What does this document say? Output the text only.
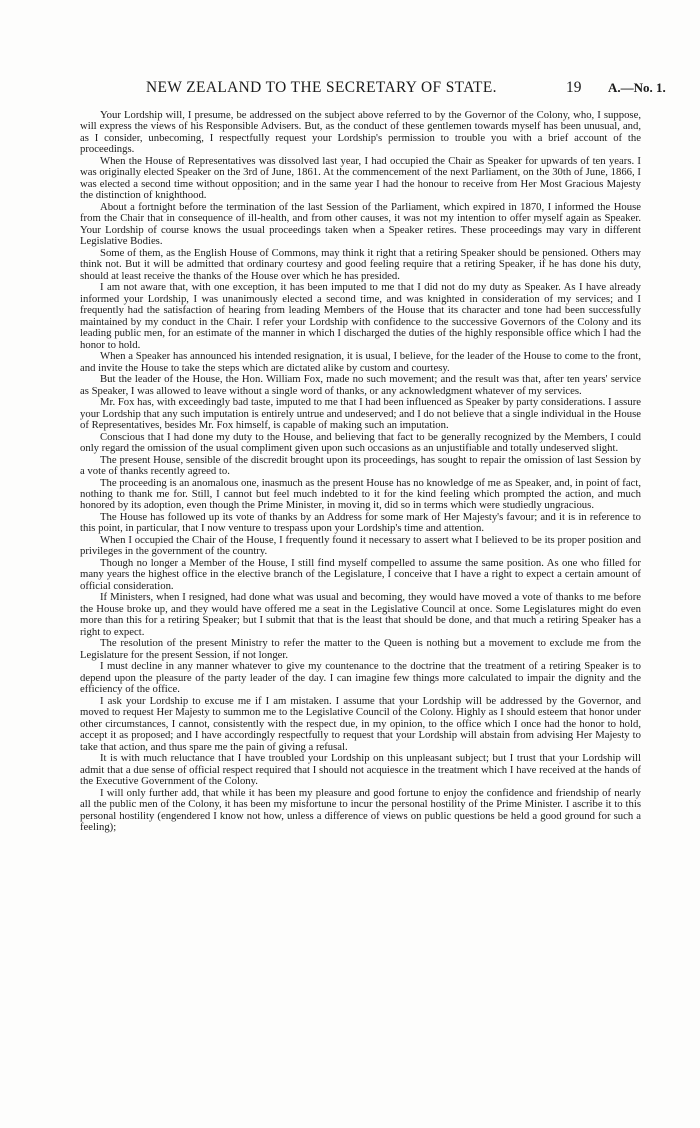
NEW ZEALAND TO THE SECRETARY OF STATE.	19 A.—No. 1.

Your Lordship will, I presume, be addressed on the subject above referred to by the Governor of the Colony, who, I suppose, will express the views of his Responsible Advisers. But, as the conduct of these gentlemen towards myself has been unusual, and, as I consider, unbecoming, I respectfully request your Lordship's permission to trouble you with a brief account of the proceedings.

When the House of Representatives was dissolved last year, I had occupied the Chair as Speaker for upwards of ten years. I was originally elected Speaker on the 3rd of June, 1861. At the commencement of the next Parliament, on the 30th of June, 1866, I was elected a second time without opposition; and in the same year I had the honour to receive from Her Most Gracious Majesty the distinction of knighthood.

About a fortnight before the termination of the last Session of the Parliament, which expired in 1870, I informed the House from the Chair that in consequence of ill-health, and from other causes, it was not my intention to offer myself again as Speaker. Your Lordship of course knows the usual proceedings taken when a Speaker retires. These proceedings may vary in different Legislative Bodies.

Some of them, as the English House of Commons, may think it right that a retiring Speaker should be pensioned. Others may think not. But it will be admitted that ordinary courtesy and good feeling require that a retiring Speaker, if he has done his duty, should at least receive the thanks of the House over which he has presided.

I am not aware that, with one exception, it has been imputed to me that I did not do my duty as Speaker. As I have already informed your Lordship, I was unanimously elected a second time, and was knighted in consideration of my services; and I frequently had the satisfaction of hearing from leading Members of the House that its character and tone had been successfully maintained by my conduct in the Chair. I refer your Lordship with confidence to the successive Governors of the Colony and its leading public men, for an estimate of the manner in which I discharged the duties of the highly responsible office which I had the honor to hold.

When a Speaker has announced his intended resignation, it is usual, I believe, for the leader of the House to come to the front, and invite the House to take the steps which are dictated alike by custom and courtesy.

But the leader of the House, the Hon. William Fox, made no such movement; and the result was that, after ten years' service as Speaker, I was allowed to leave without a single word of thanks, or any acknowledgment whatever of my services.

Mr. Fox has, with exceedingly bad taste, imputed to me that I had been influenced as Speaker by party considerations. I assure your Lordship that any such imputation is entirely untrue and undeserved; and I do not believe that a single individual in the House of Representatives, besides Mr. Fox himself, is capable of making such an imputation.

Conscious that I had done my duty to the House, and believing that fact to be generally recognized by the Members, I could only regard the omission of the usual compliment given upon such occasions as an unjustifiable and totally undeserved slight.

The present House, sensible of the discredit brought upon its proceedings, has sought to repair the omission of last Session by a vote of thanks recently agreed to.

The proceeding is an anomalous one, inasmuch as the present House has no knowledge of me as Speaker, and, in point of fact, nothing to thank me for. Still, I cannot but feel much indebted to it for the kind feeling which prompted the action, and much honored by its adoption, even though the Prime Minister, in moving it, did so in terms which were studiedly ungracious.

The House has followed up its vote of thanks by an Address for some mark of Her Majesty's favour; and it is in reference to this point, in particular, that I now venture to trespass upon your Lordship's time and attention.

When I occupied the Chair of the House, I frequently found it necessary to assert what I believed to be its proper position and privileges in the government of the country.

Though no longer a Member of the House, I still find myself compelled to assume the same position. As one who filled for many years the highest office in the elective branch of the Legislature, I conceive that I have a right to expect a certain amount of official consideration.

If Ministers, when I resigned, had done what was usual and becoming, they would have moved a vote of thanks to me before the House broke up, and they would have offered me a seat in the Legislative Council at once. Some Legislatures might do even more than this for a retiring Speaker; but I submit that that is the least that should be done, and that much a retiring Speaker has a right to expect.

The resolution of the present Ministry to refer the matter to the Queen is nothing but a movement to exclude me from the Legislature for the present Session, if not longer.

I must decline in any manner whatever to give my countenance to the doctrine that the treatment of a retiring Speaker is to depend upon the pleasure of the party leader of the day. I can imagine few things more calculated to impair the dignity and the efficiency of the office.

I ask your Lordship to excuse me if I am mistaken. I assume that your Lordship will be addressed by the Governor, and moved to request Her Majesty to summon me to the Legislative Council of the Colony. Highly as I should esteem that honor under other circumstances, I cannot, consistently with the respect due, in my opinion, to the office which I once had the honor to hold, accept it as proposed; and I have accordingly respectfully to request that your Lordship will abstain from advising Her Majesty to take that action, and thus spare me the pain of giving a refusal.

It is with much reluctance that I have troubled your Lordship on this unpleasant subject; but I trust that your Lordship will admit that a due sense of official respect required that I should not acquiesce in the treatment which I have received at the hands of the Executive Government of the Colony.

I will only further add, that while it has been my pleasure and good fortune to enjoy the confidence and friendship of nearly all the public men of the Colony, it has been my misfortune to incur the personal hostility of the Prime Minister. I ascribe it to this personal hostility (engendered I know not how, unless a difference of views on public questions be held a good ground for such a feeling);
